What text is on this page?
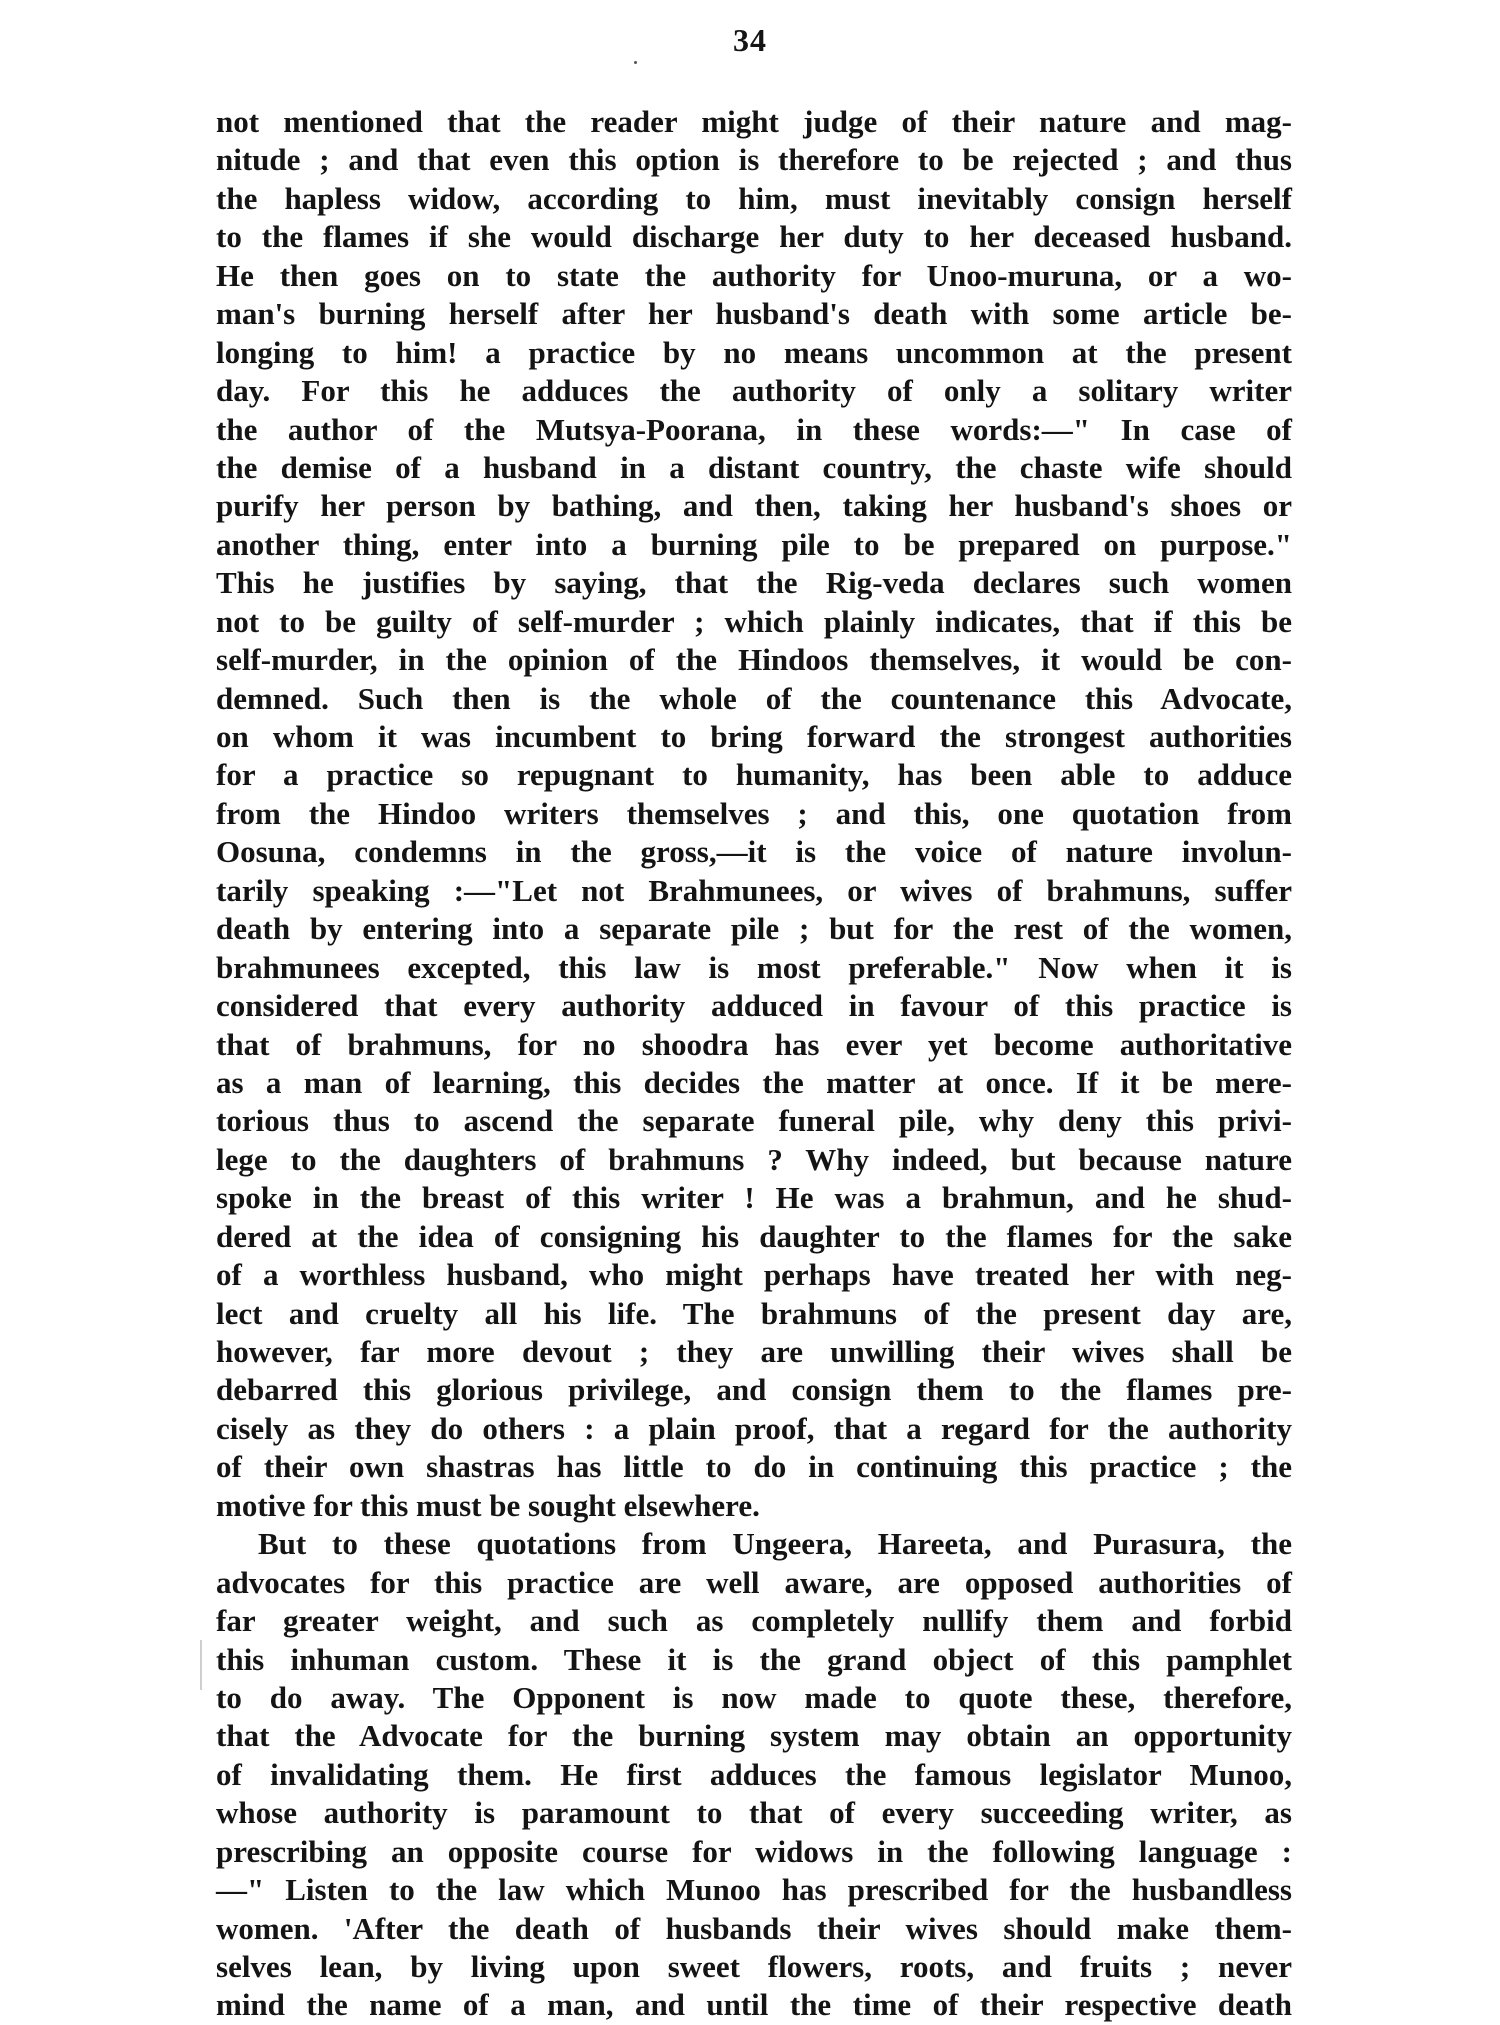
34
not mentioned that the reader might judge of their nature and mag-
nitude ; and that even this option is therefore to be rejected ; and thus
the hapless widow, according to him, must inevitably consign herself
to the flames if she would discharge her duty to her deceased husband.
He then goes on to state the authority for Unoo-muruna, or a wo-
man's burning herself after her husband's death with some article be-
longing to him! a practice by no means uncommon at the present
day. For this he adduces the authority of only a solitary writer
the author of the Mutsya-Poorana, in these words:—" In case of
the demise of a husband in a distant country, the chaste wife should
purify her person by bathing, and then, taking her husband's shoes or
another thing, enter into a burning pile to be prepared on purpose."
This he justifies by saying, that the Rig-veda declares such women
not to be guilty of self-murder ; which plainly indicates, that if this be
self-murder, in the opinion of the Hindoos themselves, it would be con-
demned. Such then is the whole of the countenance this Advocate,
on whom it was incumbent to bring forward the strongest authorities
for a practice so repugnant to humanity, has been able to adduce
from the Hindoo writers themselves ; and this, one quotation from
Oosuna, condemns in the gross,—it is the voice of nature involun-
tarily speaking :—"Let not Brahmunees, or wives of brahmuns, suffer
death by entering into a separate pile ; but for the rest of the women,
brahmunees excepted, this law is most preferable." Now when it is
considered that every authority adduced in favour of this practice is
that of brahmuns, for no shoodra has ever yet become authoritative
as a man of learning, this decides the matter at once. If it be mere-
torious thus to ascend the separate funeral pile, why deny this privi-
lege to the daughters of brahmuns ? Why indeed, but because nature
spoke in the breast of this writer ! He was a brahmun, and he shud-
dered at the idea of consigning his daughter to the flames for the sake
of a worthless husband, who might perhaps have treated her with neg-
lect and cruelty all his life. The brahmuns of the present day are,
however, far more devout ; they are unwilling their wives shall be
debarred this glorious privilege, and consign them to the flames pre-
cisely as they do others : a plain proof, that a regard for the authority
of their own shastras has little to do in continuing this practice ; the
motive for this must be sought elsewhere.
But to these quotations from Ungeera, Hareeta, and Purasura, the
advocates for this practice are well aware, are opposed authorities of
far greater weight, and such as completely nullify them and forbid
this inhuman custom. These it is the grand object of this pamphlet
to do away. The Opponent is now made to quote these, therefore,
that the Advocate for the burning system may obtain an opportunity
of invalidating them. He first adduces the famous legislator Munoo,
whose authority is paramount to that of every succeeding writer, as
prescribing an opposite course for widows in the following language :
—" Listen to the law which Munoo has prescribed for the husbandless
women. 'After the death of husbands their wives should make them-
selves lean, by living upon sweet flowers, roots, and fruits ; never
mind the name of a man, and until the time of their respective death
